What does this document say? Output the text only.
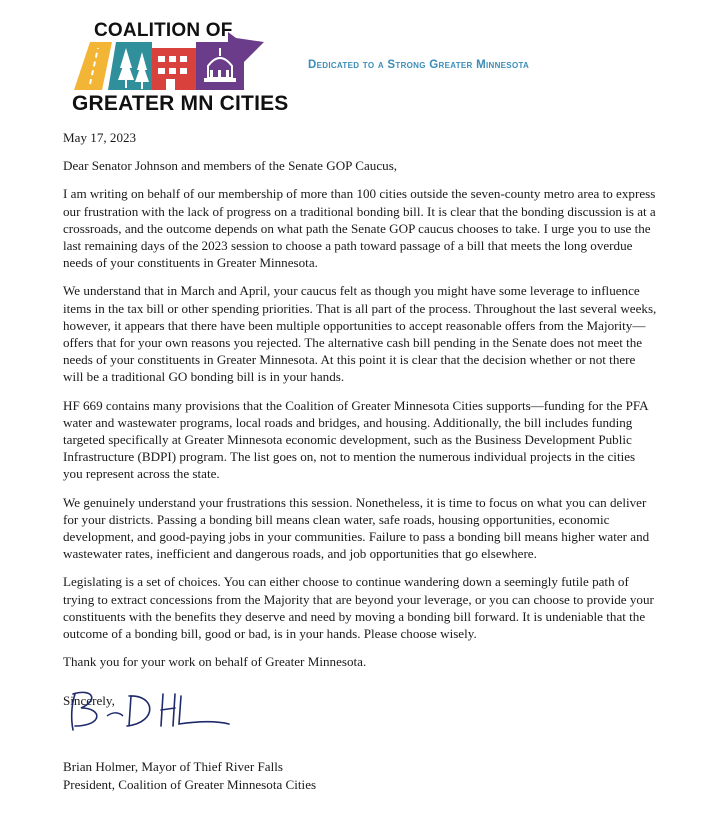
COALITION OF
GREATER MN CITIES
Dedicated to a Strong Greater Minnesota

May 17, 2023

Dear Senator Johnson and members of the Senate GOP Caucus,

I am writing on behalf of our membership of more than 100 cities outside the seven-county metro area to express our frustration with the lack of progress on a traditional bonding bill. It is clear that the bonding discussion is at a crossroads, and the outcome depends on what path the Senate GOP caucus chooses to take. I urge you to use the last remaining days of the 2023 session to choose a path toward passage of a bill that meets the long overdue needs of your constituents in Greater Minnesota.

We understand that in March and April, your caucus felt as though you might have some leverage to influence items in the tax bill or other spending priorities. That is all part of the process. Throughout the last several weeks, however, it appears that there have been multiple opportunities to accept reasonable offers from the Majority—offers that for your own reasons you rejected. The alternative cash bill pending in the Senate does not meet the needs of your constituents in Greater Minnesota. At this point it is clear that the decision whether or not there will be a traditional GO bonding bill is in your hands.

HF 669 contains many provisions that the Coalition of Greater Minnesota Cities supports—funding for the PFA water and wastewater programs, local roads and bridges, and housing. Additionally, the bill includes funding targeted specifically at Greater Minnesota economic development, such as the Business Development Public Infrastructure (BDPI) program. The list goes on, not to mention the numerous individual projects in the cities you represent across the state.

We genuinely understand your frustrations this session. Nonetheless, it is time to focus on what you can deliver for your districts. Passing a bonding bill means clean water, safe roads, housing opportunities, economic development, and good-paying jobs in your communities. Failure to pass a bonding bill means higher water and wastewater rates, inefficient and dangerous roads, and job opportunities that go elsewhere.

Legislating is a set of choices. You can either choose to continue wandering down a seemingly futile path of trying to extract concessions from the Majority that are beyond your leverage, or you can choose to provide your constituents with the benefits they deserve and need by moving a bonding bill forward. It is undeniable that the outcome of a bonding bill, good or bad, is in your hands. Please choose wisely.

Thank you for your work on behalf of Greater Minnesota.

Sincerely,

Brian Holmer, Mayor of Thief River Falls
President, Coalition of Greater Minnesota Cities
